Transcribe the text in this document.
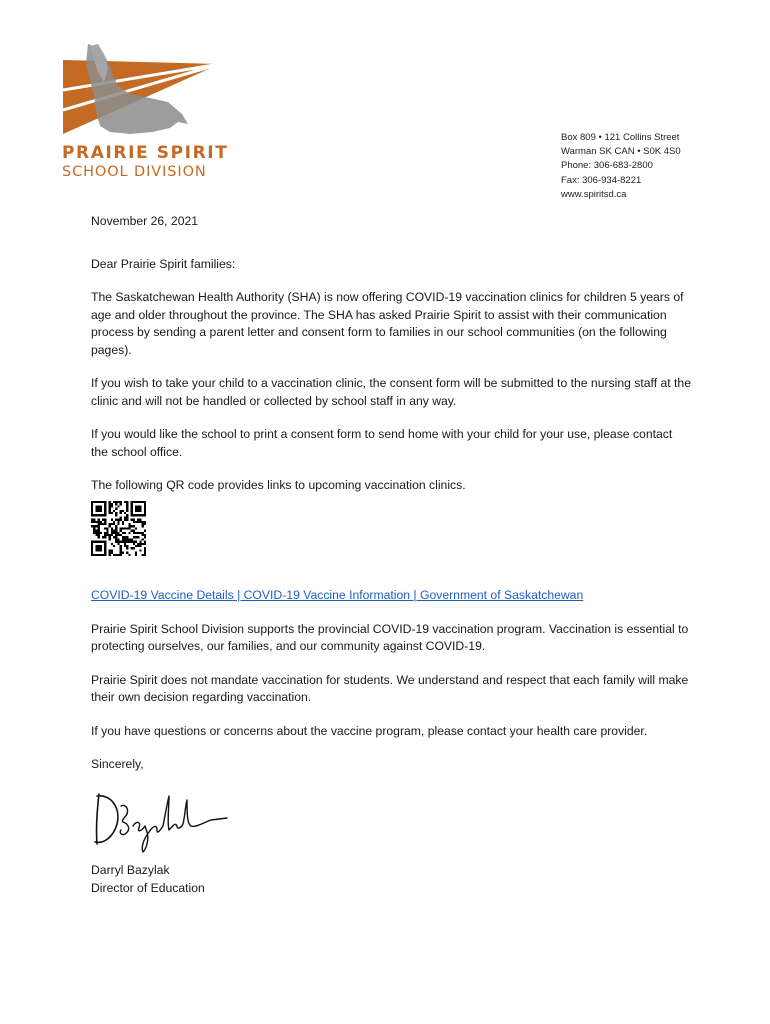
PRAIRIE SPIRIT
SCHOOL DIVISION
Box 809 • 121 Collins Street
Warman SK CAN • S0K 4S0
Phone: 306-683-2800
Fax: 306-934-8221
www.spiritsd.ca

November 26, 2021

Dear Prairie Spirit families:

The Saskatchewan Health Authority (SHA) is now offering COVID-19 vaccination clinics for children 5 years of age and older throughout the province. The SHA has asked Prairie Spirit to assist with their communication process by sending a parent letter and consent form to families in our school communities (on the following pages).

If you wish to take your child to a vaccination clinic, the consent form will be submitted to the nursing staff at the clinic and will not be handled or collected by school staff in any way.

If you would like the school to print a consent form to send home with your child for your use, please contact the school office.

The following QR code provides links to upcoming vaccination clinics.

COVID-19 Vaccine Details | COVID-19 Vaccine Information | Government of Saskatchewan

Prairie Spirit School Division supports the provincial COVID-19 vaccination program. Vaccination is essential to protecting ourselves, our families, and our community against COVID-19.

Prairie Spirit does not mandate vaccination for students. We understand and respect that each family will make their own decision regarding vaccination.

If you have questions or concerns about the vaccine program, please contact your health care provider.

Sincerely,

Darryl Bazylak
Director of Education
